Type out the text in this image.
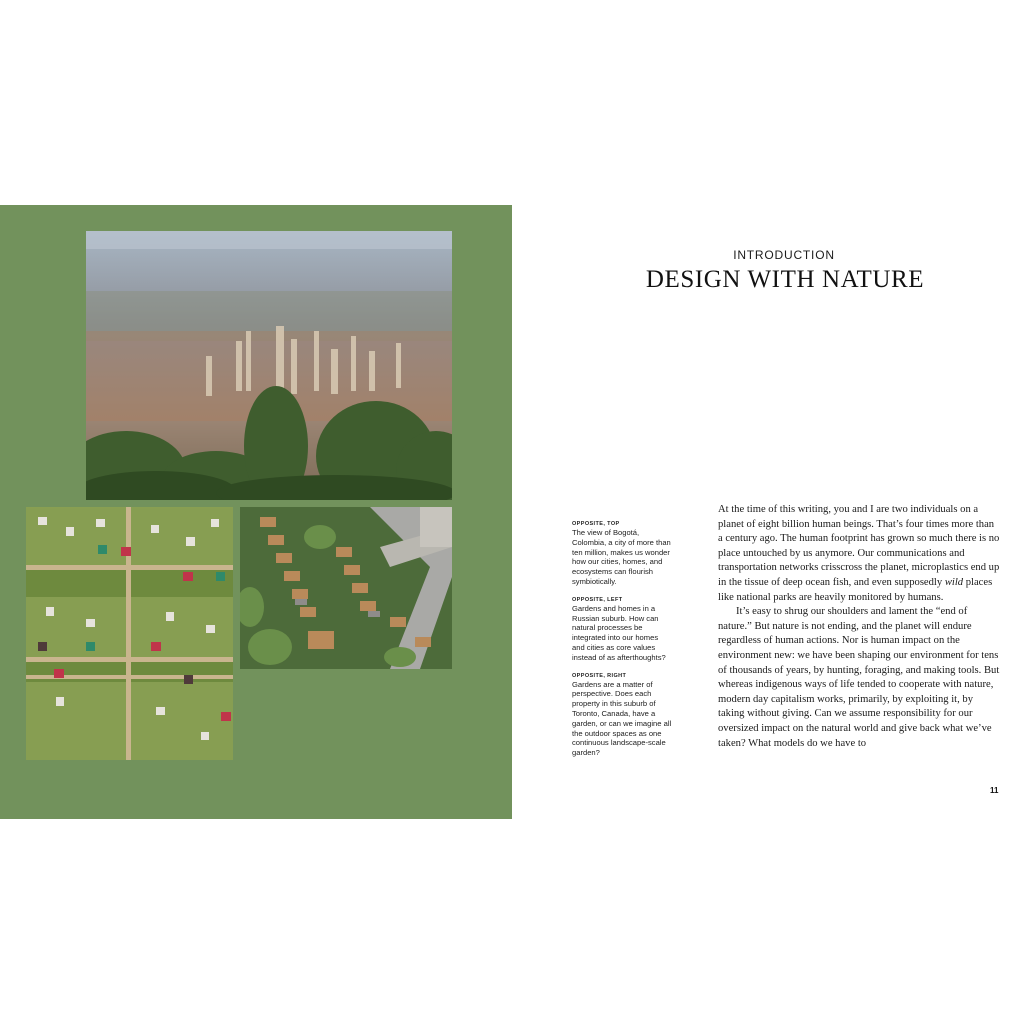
INTRODUCTION
DESIGN WITH NATURE
OPPOSITE, TOP
The view of Bogotá, Colombia, a city of more than ten million, makes us wonder how our cities, homes, and ecosystems can flourish symbiotically.
OPPOSITE, LEFT
Gardens and homes in a Russian suburb. How can natural processes be integrated into our homes and cities as core values instead of as afterthoughts?
OPPOSITE, RIGHT
Gardens are a matter of perspective. Does each property in this suburb of Toronto, Canada, have a garden, or can we imagine all the outdoor spaces as one continuous landscape-scale garden?

At the time of this writing, you and I are two individuals on a planet of eight billion human beings. That’s four times more than a century ago. The human footprint has grown so much there is no place untouched by us anymore. Our communications and transportation networks crisscross the planet, microplastics end up in the tissue of deep ocean fish, and even supposedly wild places like national parks are heavily monitored by humans.

It’s easy to shrug our shoulders and lament the “end of nature.” But nature is not ending, and the planet will endure regardless of human actions. Nor is human impact on the environment new: we have been shaping our environment for tens of thousands of years, by hunting, foraging, and making tools. But whereas indigenous ways of life tended to cooperate with nature, modern day capitalism works, primarily, by exploiting it, by taking without giving. Can we assume responsibility for our oversized impact on the natural world and give back what we’ve taken? What models do we have to

11
